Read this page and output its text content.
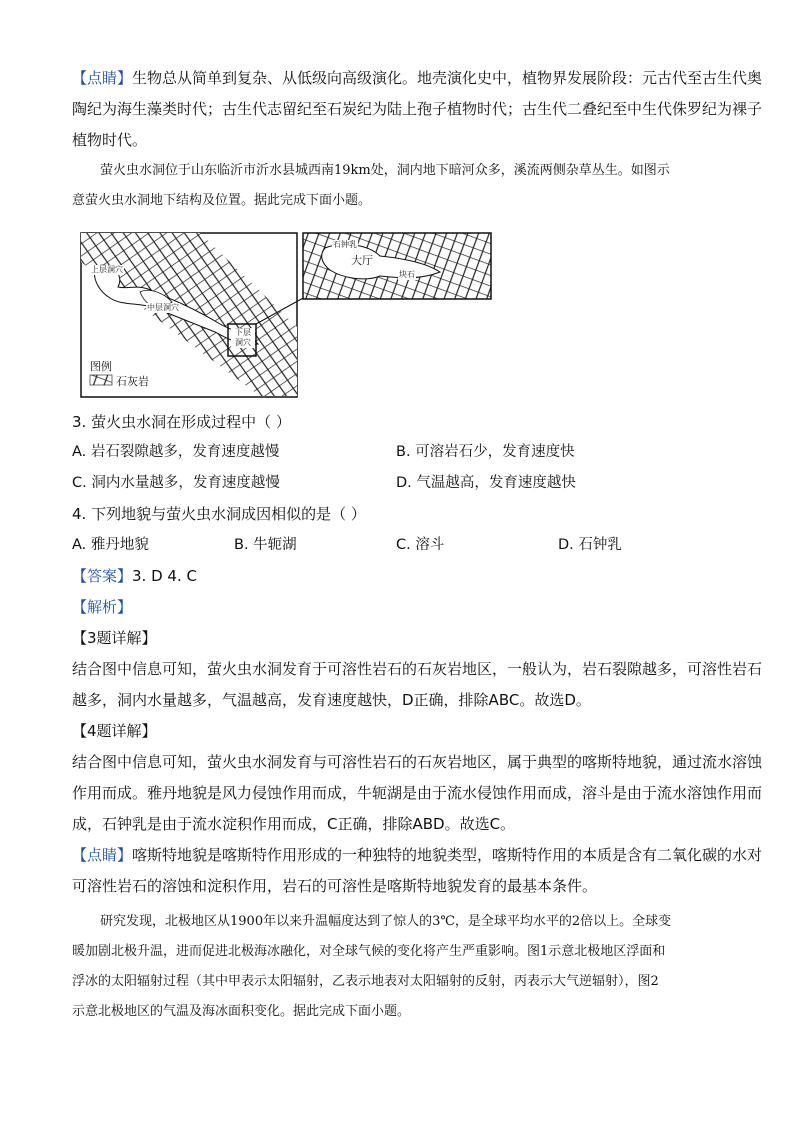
【点睛】生物总从简单到复杂、从低级向高级演化。地壳演化史中，植物界发展阶段：元古代至古生代奥
陶纪为海生藻类时代；古生代志留纪至石炭纪为陆上孢子植物时代；古生代二叠纪至中生代侏罗纪为裸子
植物时代。
萤火虫水洞位于山东临沂市沂水县城西南19km处，洞内地下暗河众多，溪流两侧杂草丛生。如图示
意萤火虫水洞地下结构及位置。据此完成下面小题。
上层洞穴
中层洞穴
下层洞穴
石钟乳
大厅
块石
图例
石灰岩
3. 萤火虫水洞在形成过程中（ ）
A. 岩石裂隙越多，发育速度越慢	B. 可溶岩石少，发育速度快
C. 洞内水量越多，发育速度越慢	D. 气温越高，发育速度越快
4. 下列地貌与萤火虫水洞成因相似的是（ ）
A. 雅丹地貌	B. 牛轭湖	C. 溶斗	D. 石钟乳
【答案】3. D 4. C
【解析】
【3题详解】
结合图中信息可知，萤火虫水洞发育于可溶性岩石的石灰岩地区，一般认为，岩石裂隙越多，可溶性岩石
越多，洞内水量越多，气温越高，发育速度越快，D正确，排除ABC。故选D。
【4题详解】
结合图中信息可知，萤火虫水洞发育与可溶性岩石的石灰岩地区，属于典型的喀斯特地貌，通过流水溶蚀
作用而成。雅丹地貌是风力侵蚀作用而成，牛轭湖是由于流水侵蚀作用而成，溶斗是由于流水溶蚀作用而
成，石钟乳是由于流水淀积作用而成，C正确，排除ABD。故选C。
【点睛】喀斯特地貌是喀斯特作用形成的一种独特的地貌类型，喀斯特作用的本质是含有二氧化碳的水对
可溶性岩石的溶蚀和淀积作用，岩石的可溶性是喀斯特地貌发育的最基本条件。
研究发现，北极地区从1900年以来升温幅度达到了惊人的3℃，是全球平均水平的2倍以上。全球变
暖加剧北极升温，进而促进北极海冰融化，对全球气候的变化将产生严重影响。图1示意北极地区浮面和
浮冰的太阳辐射过程（其中甲表示太阳辐射，乙表示地表对太阳辐射的反射，丙表示大气逆辐射），图2
示意北极地区的气温及海冰面积变化。据此完成下面小题。
